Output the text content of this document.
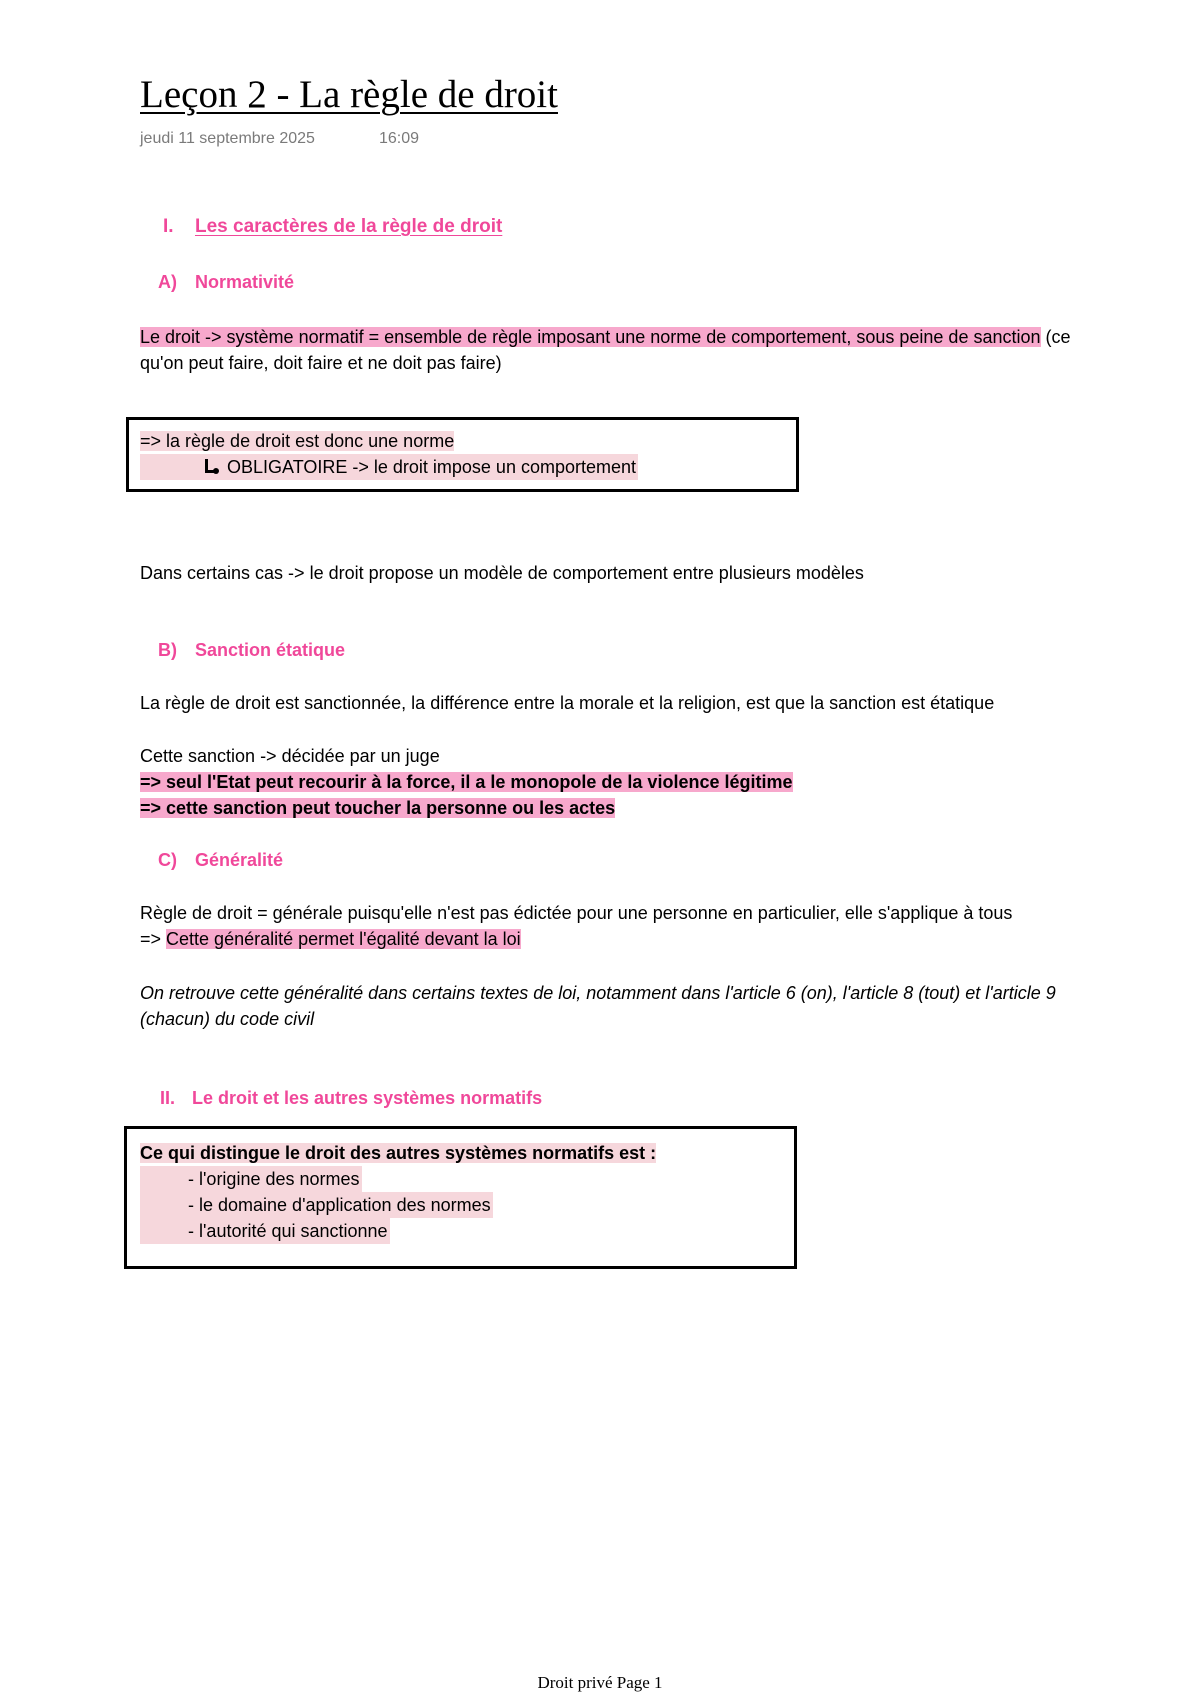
Leçon 2 - La règle de droit
jeudi 11 septembre 2025	16:09
I. Les caractères de la règle de droit
A) Normativité
Le droit -> système normatif = ensemble de règle imposant une norme de comportement, sous peine de sanction (ce
qu'on peut faire, doit faire et ne doit pas faire)
=> la règle de droit est donc une norme
OBLIGATOIRE -> le droit impose un comportement
Dans certains cas -> le droit propose un modèle de comportement entre plusieurs modèles
B) Sanction étatique
La règle de droit est sanctionnée, la différence entre la morale et la religion, est que la sanction est étatique
Cette sanction -> décidée par un juge
=> seul l'Etat peut recourir à la force, il a le monopole de la violence légitime
=> cette sanction peut toucher la personne ou les actes
C) Généralité
Règle de droit = générale puisqu'elle n'est pas édictée pour une personne en particulier, elle s'applique à tous
=> Cette généralité permet l'égalité devant la loi
On retrouve cette généralité dans certains textes de loi, notamment dans l'article 6 (on), l'article 8 (tout) et l'article 9
(chacun) du code civil
II. Le droit et les autres systèmes normatifs
Ce qui distingue le droit des autres systèmes normatifs est :
- l'origine des normes
- le domaine d'application des normes
- l'autorité qui sanctionne
Droit privé Page 1
